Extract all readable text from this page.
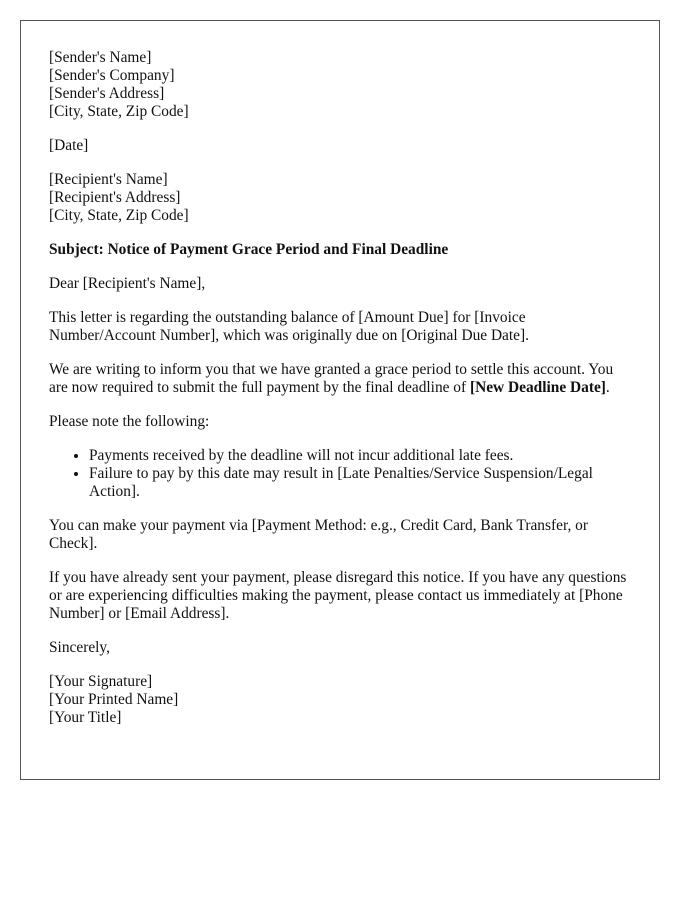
[Sender's Name]
[Sender's Company]
[Sender's Address]
[City, State, Zip Code]
[Date]
[Recipient's Name]
[Recipient's Address]
[City, State, Zip Code]

Subject: Notice of Payment Grace Period and Final Deadline

Dear [Recipient's Name],

This letter is regarding the outstanding balance of [Amount Due] for [Invoice Number/Account Number], which was originally due on [Original Due Date].

We are writing to inform you that we have granted a grace period to settle this account. You are now required to submit the full payment by the final deadline of [New Deadline Date].

Please note the following:

• Payments received by the deadline will not incur additional late fees.
• Failure to pay by this date may result in [Late Penalties/Service Suspension/Legal Action].

You can make your payment via [Payment Method: e.g., Credit Card, Bank Transfer, or Check].

If you have already sent your payment, please disregard this notice. If you have any questions or are experiencing difficulties making the payment, please contact us immediately at [Phone Number] or [Email Address].

Sincerely,

[Your Signature]
[Your Printed Name]
[Your Title]
